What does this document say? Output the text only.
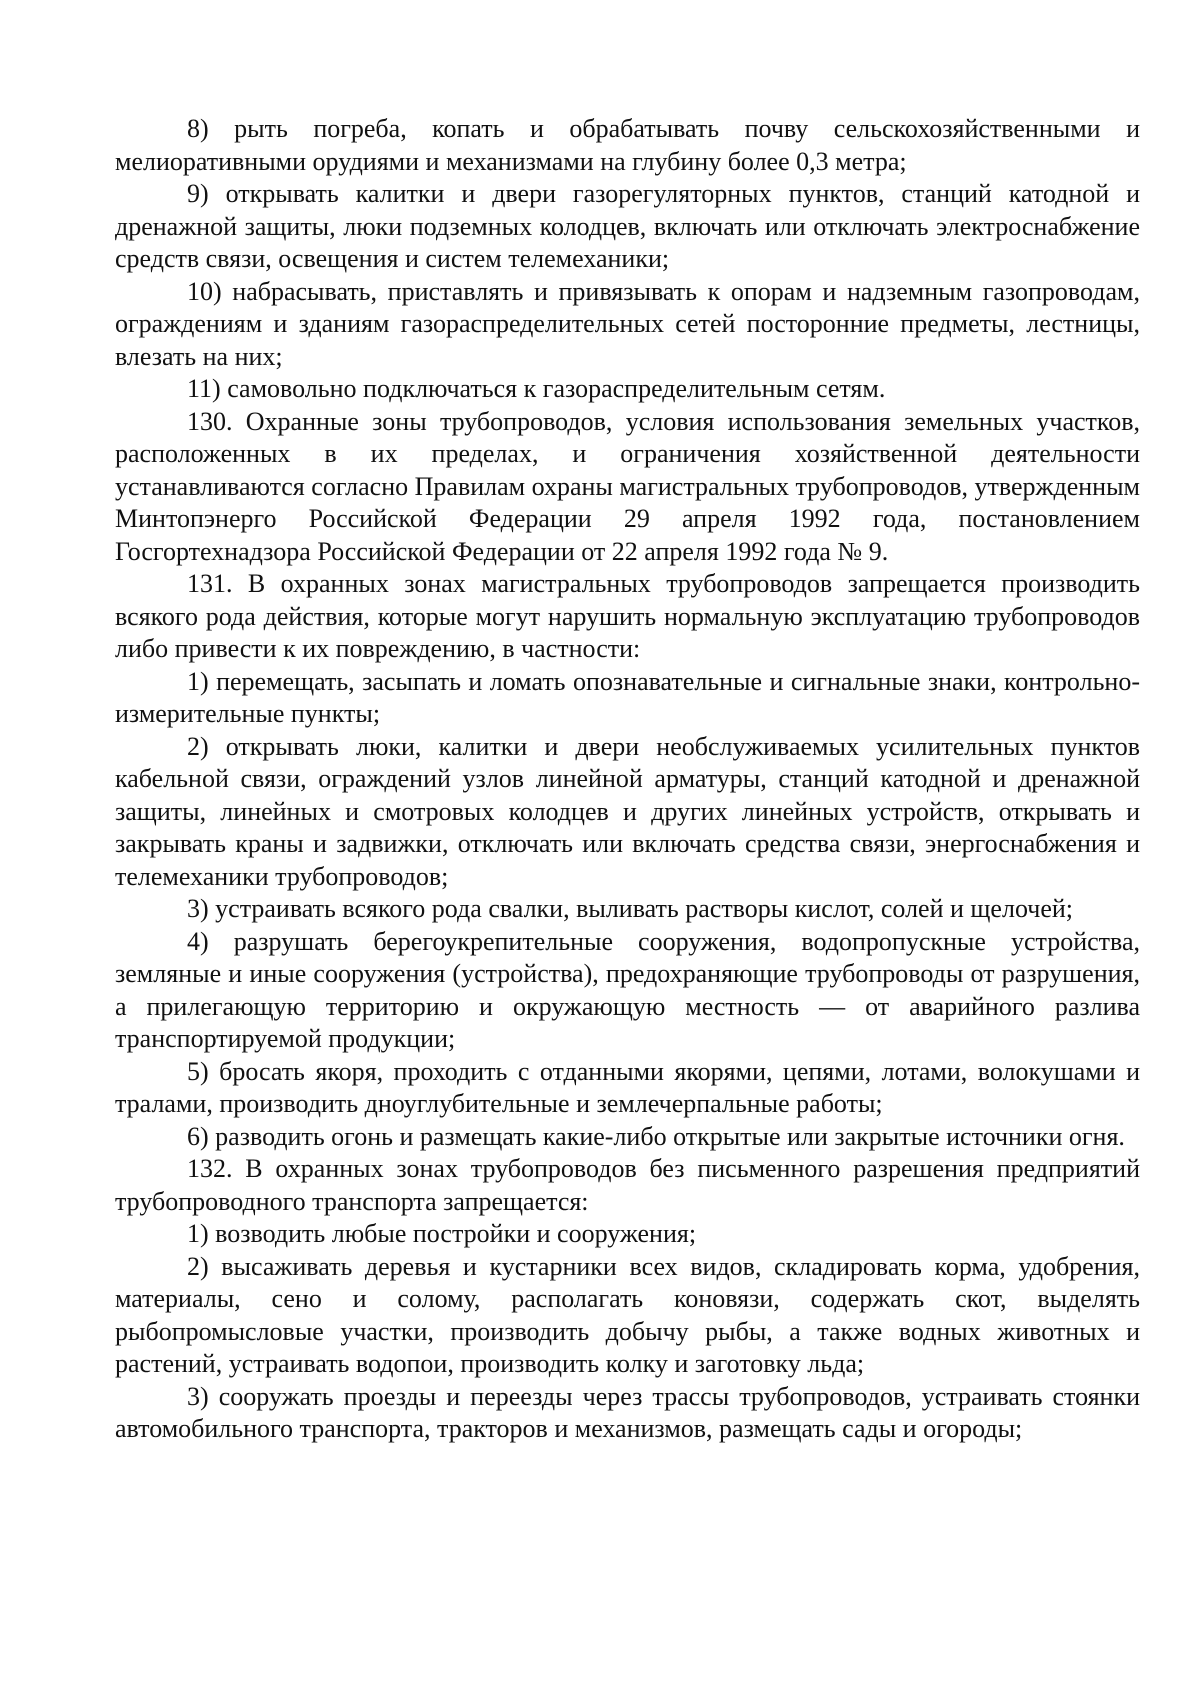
8) рыть погреба, копать и обрабатывать почву сельскохозяйственными и мелиоративными орудиями и механизмами на глубину более 0,3 метра;

9) открывать калитки и двери газорегуляторных пунктов, станций катодной и дренажной защиты, люки подземных колодцев, включать или отключать электроснабжение средств связи, освещения и систем телемеханики;

10) набрасывать, приставлять и привязывать к опорам и надземным газопроводам, ограждениям и зданиям газораспределительных сетей посторонние предметы, лестницы, влезать на них;

11) самовольно подключаться к газораспределительным сетям.

130. Охранные зоны трубопроводов, условия использования земельных участков, расположенных в их пределах, и ограничения хозяйственной деятельности устанавливаются согласно Правилам охраны магистральных трубопроводов, утвержденным Минтопэнерго Российской Федерации 29 апреля 1992 года, постановлением Госгортехнадзора Российской Федерации от 22 апреля 1992 года № 9.

131. В охранных зонах магистральных трубопроводов запрещается производить всякого рода действия, которые могут нарушить нормальную эксплуатацию трубопроводов либо привести к их повреждению, в частности:

1) перемещать, засыпать и ломать опознавательные и сигнальные знаки, контрольно-измерительные пункты;

2) открывать люки, калитки и двери необслуживаемых усилительных пунктов кабельной связи, ограждений узлов линейной арматуры, станций катодной и дренажной защиты, линейных и смотровых колодцев и других линейных устройств, открывать и закрывать краны и задвижки, отключать или включать средства связи, энергоснабжения и телемеханики трубопроводов;

3) устраивать всякого рода свалки, выливать растворы кислот, солей и щелочей;

4) разрушать берегоукрепительные сооружения, водопропускные устройства, земляные и иные сооружения (устройства), предохраняющие трубопроводы от разрушения, а прилегающую территорию и окружающую местность — от аварийного разлива транспортируемой продукции;

5) бросать якоря, проходить с отданными якорями, цепями, лотами, волокушами и тралами, производить дноуглубительные и землечерпальные работы;

6) разводить огонь и размещать какие-либо открытые или закрытые источники огня.

132. В охранных зонах трубопроводов без письменного разрешения предприятий трубопроводного транспорта запрещается:

1) возводить любые постройки и сооружения;

2) высаживать деревья и кустарники всех видов, складировать корма, удобрения, материалы, сено и солому, располагать коновязи, содержать скот, выделять рыбопромысловые участки, производить добычу рыбы, а также водных животных и растений, устраивать водопои, производить колку и заготовку льда;

3) сооружать проезды и переезды через трассы трубопроводов, устраивать стоянки автомобильного транспорта, тракторов и механизмов, размещать сады и огороды;
